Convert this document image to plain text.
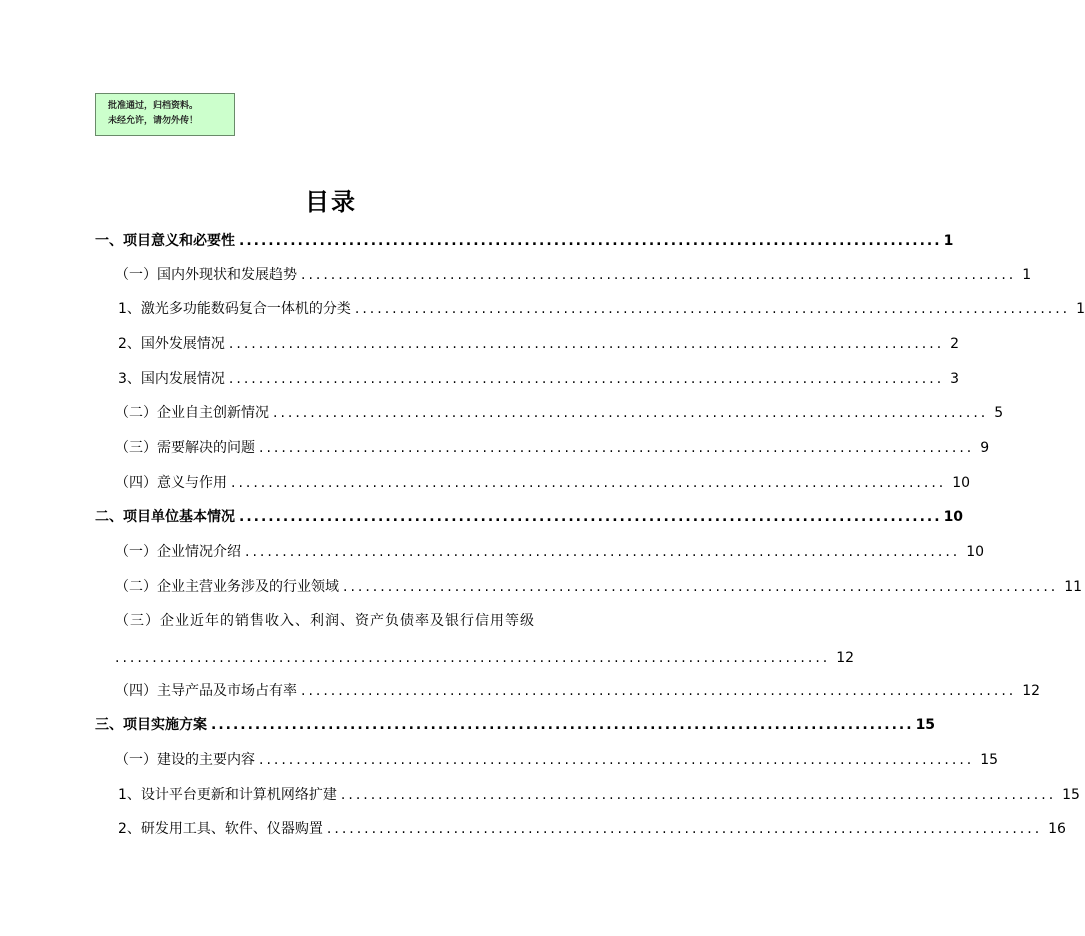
批准通过，归档资料。
未经允许，请勿外传！
目录
一、项目意义和必要性 ................................................................................................ 1
（一）国内外现状和发展趋势 ................................................................................................ 1
1、激光多功能数码复合一体机的分类 ................................................................................................ 1
2、国外发展情况 ................................................................................................ 2
3、国内发展情况 ................................................................................................ 3
（二）企业自主创新情况 ................................................................................................ 5
（三）需要解决的问题 ................................................................................................ 9
（四）意义与作用 ................................................................................................ 10
二、项目单位基本情况 ................................................................................................ 10
（一）企业情况介绍 ................................................................................................ 10
（二）企业主营业务涉及的行业领域 ................................................................................................ 11
（三）企业近年的销售收入、利润、资产负债率及银行信用等级
................................................................................................ 12
（四）主导产品及市场占有率 ................................................................................................ 12
三、项目实施方案 ................................................................................................ 15
（一）建设的主要内容 ................................................................................................ 15
1、设计平台更新和计算机网络扩建 ................................................................................................ 15
2、研发用工具、软件、仪器购置 ................................................................................................ 16
